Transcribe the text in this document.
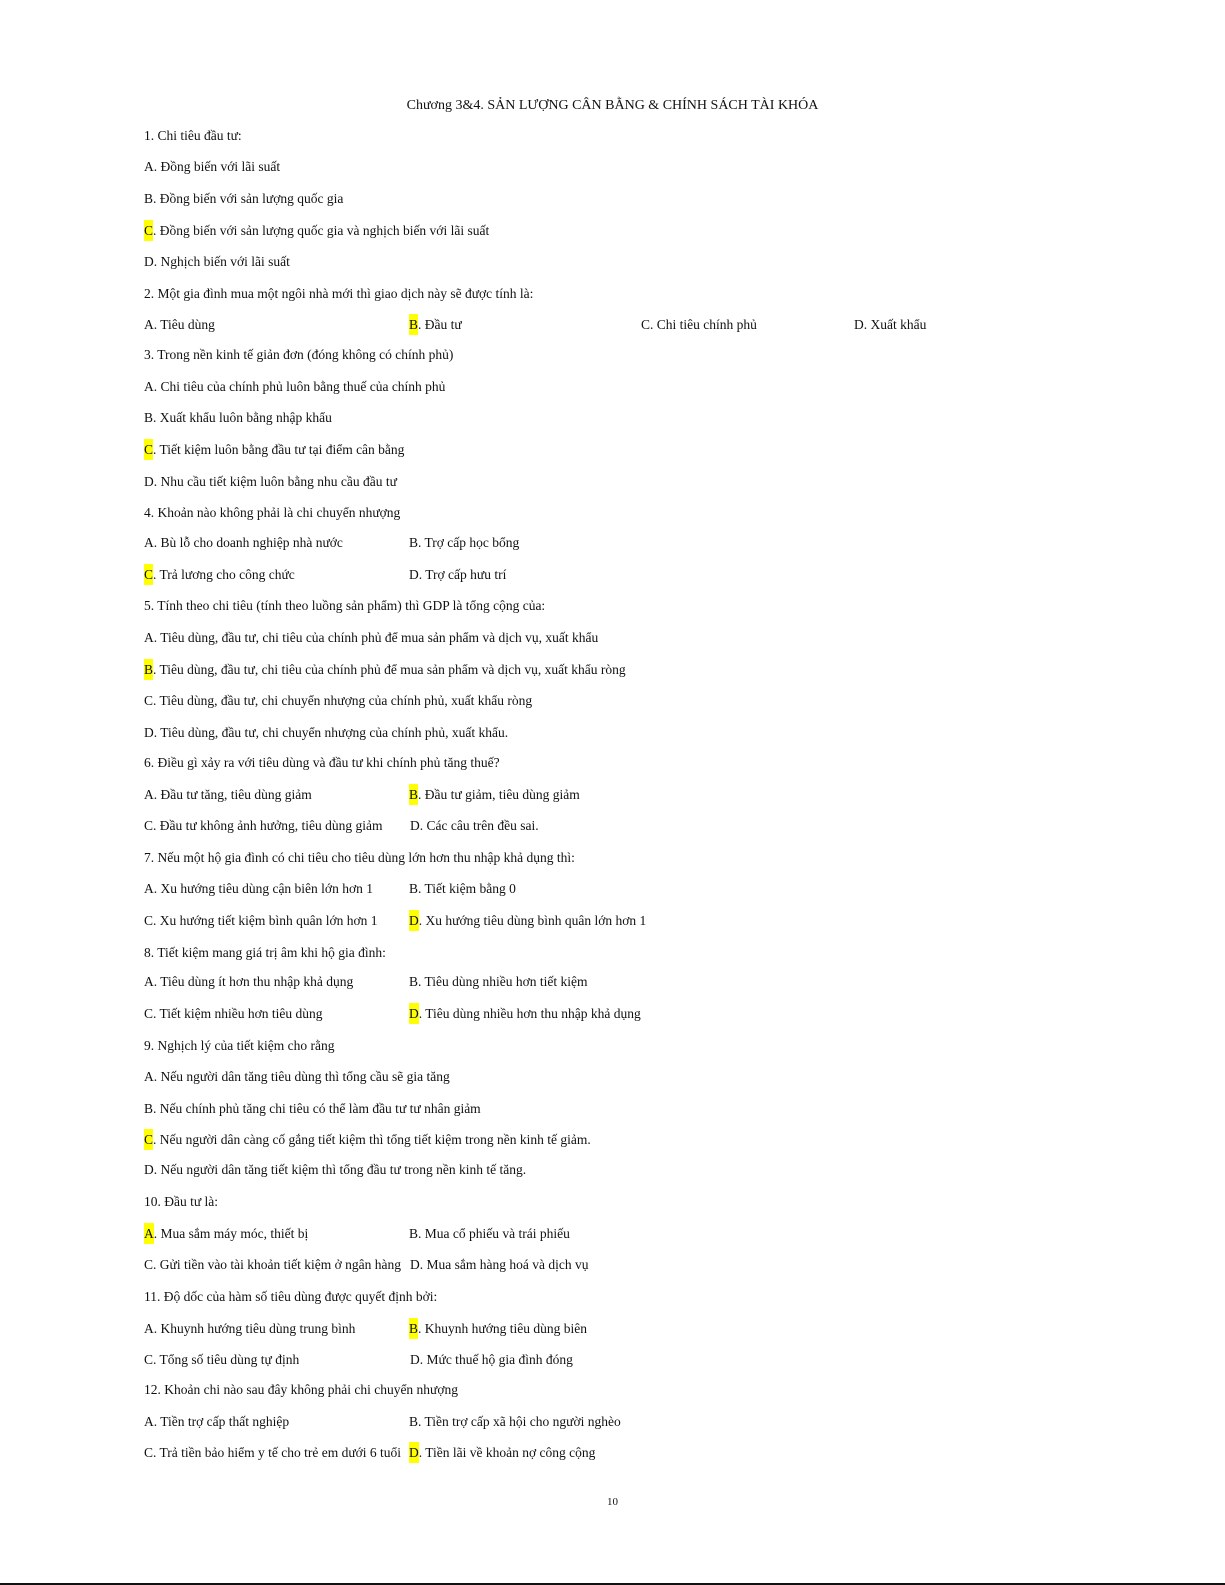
Chương 3&4. SẢN LƯỢNG CÂN BẰNG & CHÍNH SÁCH TÀI KHÓA
1. Chi tiêu đầu tư:
A. Đồng biến với lãi suất
B. Đồng biến với sản lượng quốc gia
C. Đồng biến với sản lượng quốc gia và nghịch biến với lãi suất
D. Nghịch biến với lãi suất
2. Một gia đình mua một ngôi nhà mới thì giao dịch này sẽ được tính là:
A. Tiêu dùng	B. Đầu tư	C. Chi tiêu chính phủ	D. Xuất khẩu
3. Trong nền kinh tế giản đơn (đóng không có chính phủ)
A. Chi tiêu của chính phủ luôn bằng thuế của chính phủ
B. Xuất khẩu luôn bằng nhập khẩu
C. Tiết kiệm luôn bằng đầu tư tại điểm cân bằng
D. Nhu cầu tiết kiệm luôn bằng nhu cầu đầu tư
4. Khoản nào không phải là chi chuyển nhượng
A. Bù lỗ cho doanh nghiệp nhà nước	B. Trợ cấp học bổng
C. Trả lương cho công chức	D. Trợ cấp hưu trí
5. Tính theo chi tiêu (tính theo luồng sản phẩm) thì GDP là tổng cộng của:
A. Tiêu dùng, đầu tư, chi tiêu của chính phủ để mua sản phẩm và dịch vụ, xuất khẩu
B. Tiêu dùng, đầu tư, chi tiêu của chính phủ để mua sản phẩm và dịch vụ, xuất khẩu ròng
C. Tiêu dùng, đầu tư, chi chuyển nhượng của chính phủ, xuất khẩu ròng
D. Tiêu dùng, đầu tư, chi chuyển nhượng của chính phủ, xuất khẩu.
6. Điều gì xảy ra với tiêu dùng và đầu tư khi chính phủ tăng thuế?
A. Đầu tư tăng, tiêu dùng giảm	B. Đầu tư giảm, tiêu dùng giảm
C. Đầu tư không ảnh hưởng, tiêu dùng giảm D. Các câu trên đều sai.
7. Nếu một hộ gia đình có chi tiêu cho tiêu dùng lớn hơn thu nhập khả dụng thì:
A. Xu hướng tiêu dùng cận biên lớn hơn 1	B. Tiết kiệm bằng 0
C. Xu hướng tiết kiệm bình quân lớn hơn 1 D. Xu hướng tiêu dùng bình quân lớn hơn 1
8. Tiết kiệm mang giá trị âm khi hộ gia đình:
A. Tiêu dùng ít hơn thu nhập khả dụng	B. Tiêu dùng nhiều hơn tiết kiệm
C. Tiết kiệm nhiều hơn tiêu dùng	D. Tiêu dùng nhiều hơn thu nhập khả dụng
9. Nghịch lý của tiết kiệm cho rằng
A. Nếu người dân tăng tiêu dùng thì tổng cầu sẽ gia tăng
B. Nếu chính phủ tăng chi tiêu có thể làm đầu tư tư nhân giảm
C. Nếu người dân càng cố gắng tiết kiệm thì tổng tiết kiệm trong nền kinh tế giảm.
D. Nếu người dân tăng tiết kiệm thì tổng đầu tư trong nền kinh tế tăng.
10. Đầu tư là:
A. Mua sắm máy móc, thiết bị	B. Mua cổ phiếu và trái phiếu
C. Gửi tiền vào tài khoản tiết kiệm ở ngân hàng D. Mua sắm hàng hoá và dịch vụ
11. Độ dốc của hàm số tiêu dùng được quyết định bởi:
A. Khuynh hướng tiêu dùng trung bình	B. Khuynh hướng tiêu dùng biên
C. Tổng số tiêu dùng tự định	D. Mức thuế hộ gia đình đóng
12. Khoản chi nào sau đây không phải chi chuyển nhượng
A. Tiền trợ cấp thất nghiệp	B. Tiền trợ cấp xã hội cho người nghèo
C. Trả tiền bảo hiểm y tế cho trẻ em dưới 6 tuổi D. Tiền lãi về khoản nợ công cộng
10
